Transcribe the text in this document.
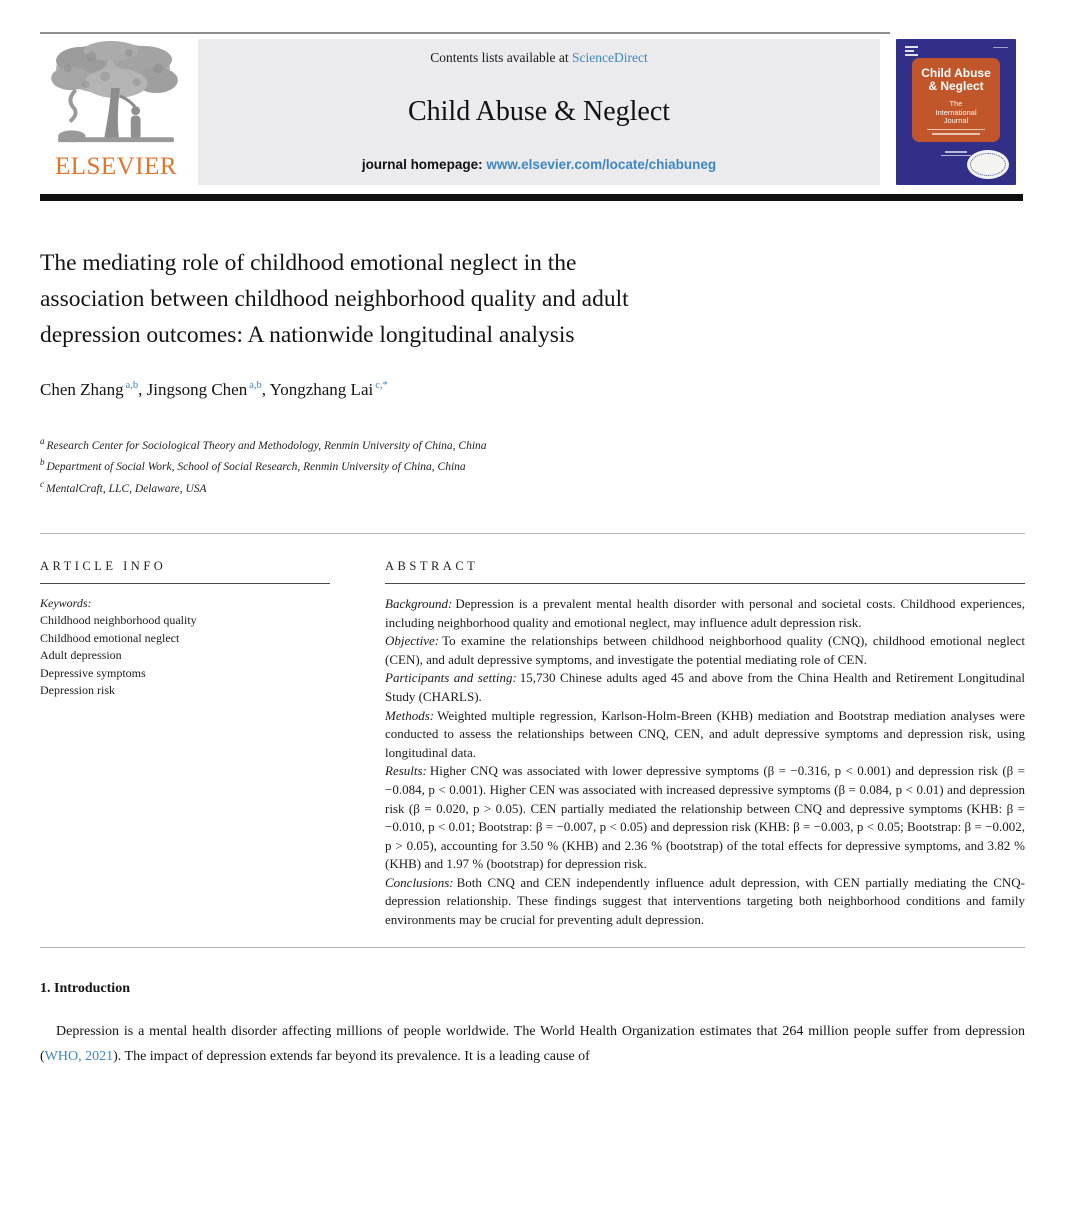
ELSEVIER
Contents lists available at ScienceDirect
Child Abuse & Neglect
journal homepage: www.elsevier.com/locate/chiabuneg
Child Abuse & Neglect
The International Journal
The mediating role of childhood emotional neglect in the
association between childhood neighborhood quality and adult
depression outcomes: A nationwide longitudinal analysis
Chen Zhang $^{a,b}$, Jingsong Chen $^{a,b}$, Yongzhang Lai $^{c,*}$
$^a$ Research Center for Sociological Theory and Methodology, Renmin University of China, China
$^b$ Department of Social Work, School of Social Research, Renmin University of China, China
$^c$ MentalCraft, LLC, Delaware, USA
ARTICLE INFO
Keywords:
Childhood neighborhood quality
Childhood emotional neglect
Adult depression
Depressive symptoms
Depression risk
ABSTRACT

Background: Depression is a prevalent mental health disorder with personal and societal costs. Childhood experiences, including neighborhood quality and emotional neglect, may influence adult depression risk.

Objective: To examine the relationships between childhood neighborhood quality (CNQ), childhood emotional neglect (CEN), and adult depressive symptoms, and investigate the potential mediating role of CEN.

Participants and setting: 15,730 Chinese adults aged 45 and above from the China Health and Retirement Longitudinal Study (CHARLS).

Methods: Weighted multiple regression, Karlson-Holm-Breen (KHB) mediation and Bootstrap mediation analyses were conducted to assess the relationships between CNQ, CEN, and adult depressive symptoms and depression risk, using longitudinal data.

Results: Higher CNQ was associated with lower depressive symptoms (β = −0.316, p < 0.001) and depression risk (β = −0.084, p < 0.001). Higher CEN was associated with increased depressive symptoms (β = 0.084, p < 0.01) and depression risk (β = 0.020, p > 0.05). CEN partially mediated the relationship between CNQ and depressive symptoms (KHB: β = −0.010, p < 0.01; Bootstrap: β = −0.007, p < 0.05) and depression risk (KHB: β = −0.003, p < 0.05; Bootstrap: β = −0.002, p > 0.05), accounting for 3.50 % (KHB) and 2.36 % (bootstrap) of the total effects for depressive symptoms, and 3.82 % (KHB) and 1.97 % (bootstrap) for depression risk.

Conclusions: Both CNQ and CEN independently influence adult depression, with CEN partially mediating the CNQ-depression relationship. These findings suggest that interventions targeting both neighborhood conditions and family environments may be crucial for preventing adult depression.

1. Introduction

Depression is a mental health disorder affecting millions of people worldwide. The World Health Organization estimates that 264 million people suffer from depression (WHO, 2021). The impact of depression extends far beyond its prevalence. It is a leading cause of
